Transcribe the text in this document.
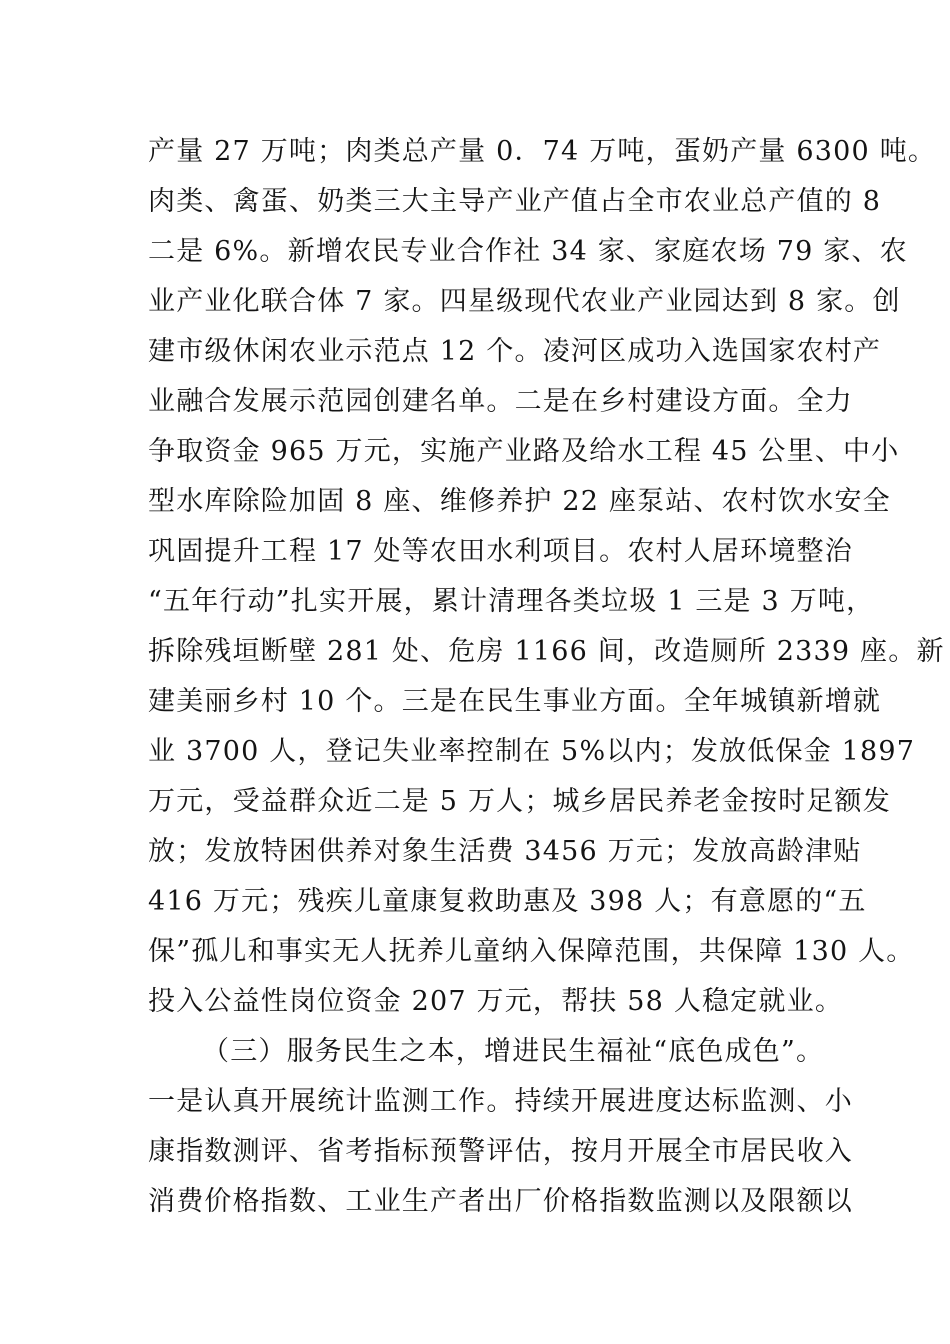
产量 27 万吨；肉类总产量 0．74 万吨，蛋奶产量 6300 吨。
肉类、禽蛋、奶类三大主导产业产值占全市农业总产值的 8
二是 6%。新增农民专业合作社 34 家、家庭农场 79 家、农
业产业化联合体 7 家。四星级现代农业产业园达到 8 家。创
建市级休闲农业示范点 12 个。凌河区成功入选国家农村产
业融合发展示范园创建名单。二是在乡村建设方面。全力
争取资金 965 万元，实施产业路及给水工程 45 公里、中小
型水库除险加固 8 座、维修养护 22 座泵站、农村饮水安全
巩固提升工程 17 处等农田水利项目。农村人居环境整治
“五年行动”扎实开展，累计清理各类垃圾 1 三是 3 万吨，
拆除残垣断壁 281 处、危房 1166 间，改造厕所 2339 座。新
建美丽乡村 10 个。三是在民生事业方面。全年城镇新增就
业 3700 人，登记失业率控制在 5%以内；发放低保金 1897
万元，受益群众近二是 5 万人；城乡居民养老金按时足额发
放；发放特困供养对象生活费 3456 万元；发放高龄津贴
416 万元；残疾儿童康复救助惠及 398 人；有意愿的“五
保”孤儿和事实无人抚养儿童纳入保障范围，共保障 130 人。
投入公益性岗位资金 207 万元，帮扶 58 人稳定就业。
（三）服务民生之本，增进民生福祉“底色成色”。
一是认真开展统计监测工作。持续开展进度达标监测、小
康指数测评、省考指标预警评估，按月开展全市居民收入
消费价格指数、工业生产者出厂价格指数监测以及限额以
